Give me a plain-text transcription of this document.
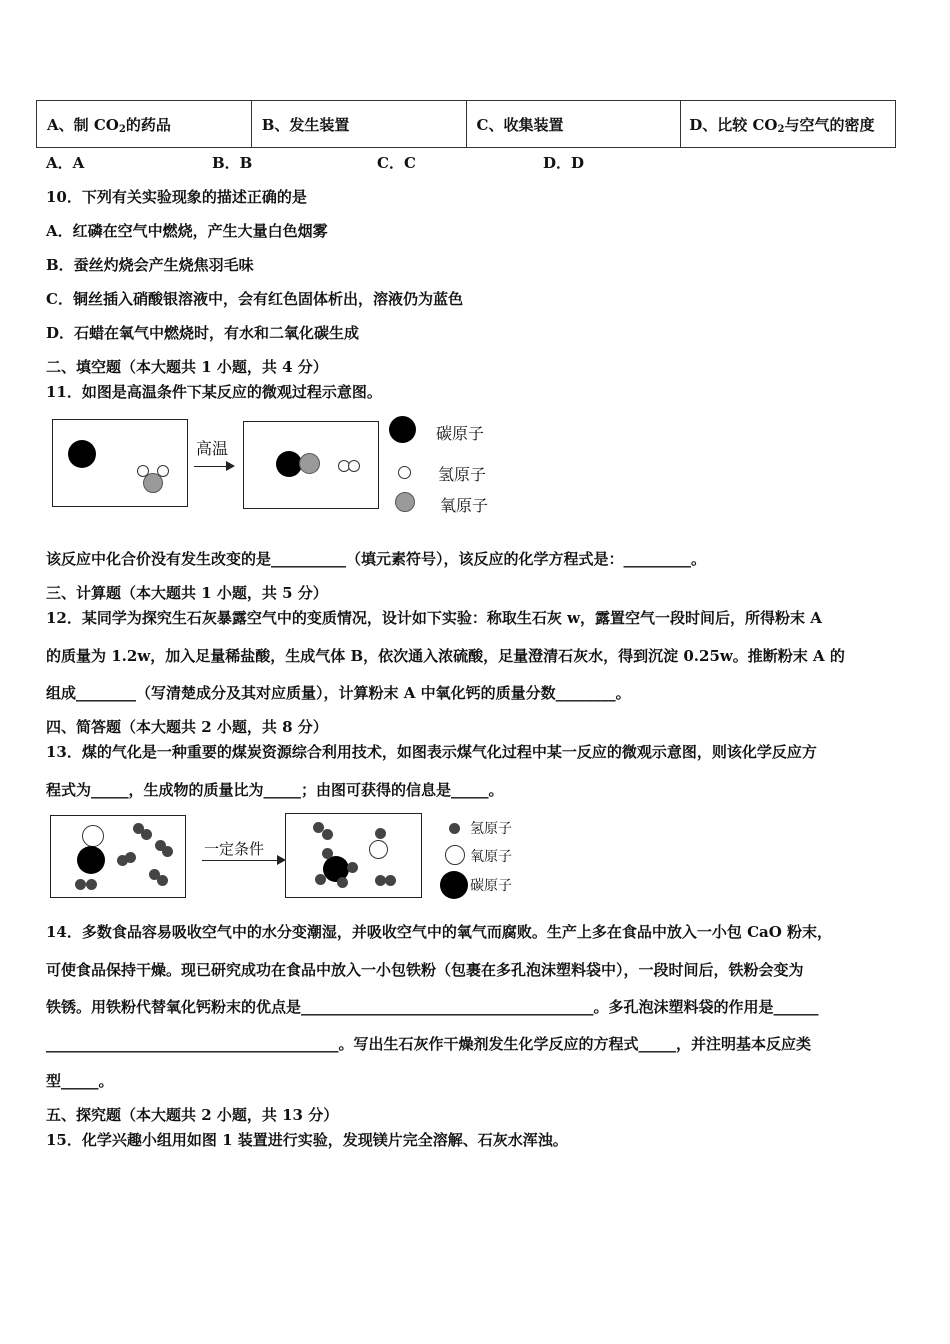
A、制 $CO_2$的药品	B、发生装置	C、收集装置	D、比较 $CO_2$与空气的密度
A．A	B．B	C．C	D．D
10．下列有关实验现象的描述正确的是
A．红磷在空气中燃烧，产生大量白色烟雾
B．蚕丝灼烧会产生烧焦羽毛味
C．铜丝插入硝酸银溶液中，会有红色固体析出，溶液仍为蓝色
D．石蜡在氧气中燃烧时，有水和二氧化碳生成
二、填空题（本大题共 1 小题，共 4 分）
11．如图是高温条件下某反应的微观过程示意图。
高温
碳原子
氢原子
氧原子
该反应中化合价没有发生改变的是__________（填元素符号），该反应的化学方程式是：_________。
三、计算题（本大题共 1 小题，共 5 分）
12．某同学为探究生石灰暴露空气中的变质情况，设计如下实验：称取生石灰 w，露置空气一段时间后，所得粉末 A
的质量为 1.2w，加入足量稀盐酸，生成气体 B，依次通入浓硫酸，足量澄清石灰水，得到沉淀 0.25w。推断粉末 A 的
组成________（写清楚成分及其对应质量），计算粉末 A 中氧化钙的质量分数________。
四、简答题（本大题共 2 小题，共 8 分）
13．煤的气化是一种重要的煤炭资源综合利用技术，如图表示煤气化过程中某一反应的微观示意图，则该化学反应方
程式为_____，生成物的质量比为_____；由图可获得的信息是_____。
一定条件
氢原子
氧原子
碳原子
14．多数食品容易吸收空气中的水分变潮湿，并吸收空气中的氧气而腐败。生产上多在食品中放入一小包 CaO 粉末，
可使食品保持干燥。现已研究成功在食品中放入一小包铁粉（包裹在多孔泡沫塑料袋中），一段时间后，铁粉会变为
铁锈。用铁粉代替氧化钙粉末的优点是_______________________________________。多孔泡沫塑料袋的作用是______
_______________________________________。写出生石灰作干燥剂发生化学反应的方程式_____，并注明基本反应类
型_____。
五、探究题（本大题共 2 小题，共 13 分）
15．化学兴趣小组用如图 1 装置进行实验，发现镁片完全溶解、石灰水浑浊。
